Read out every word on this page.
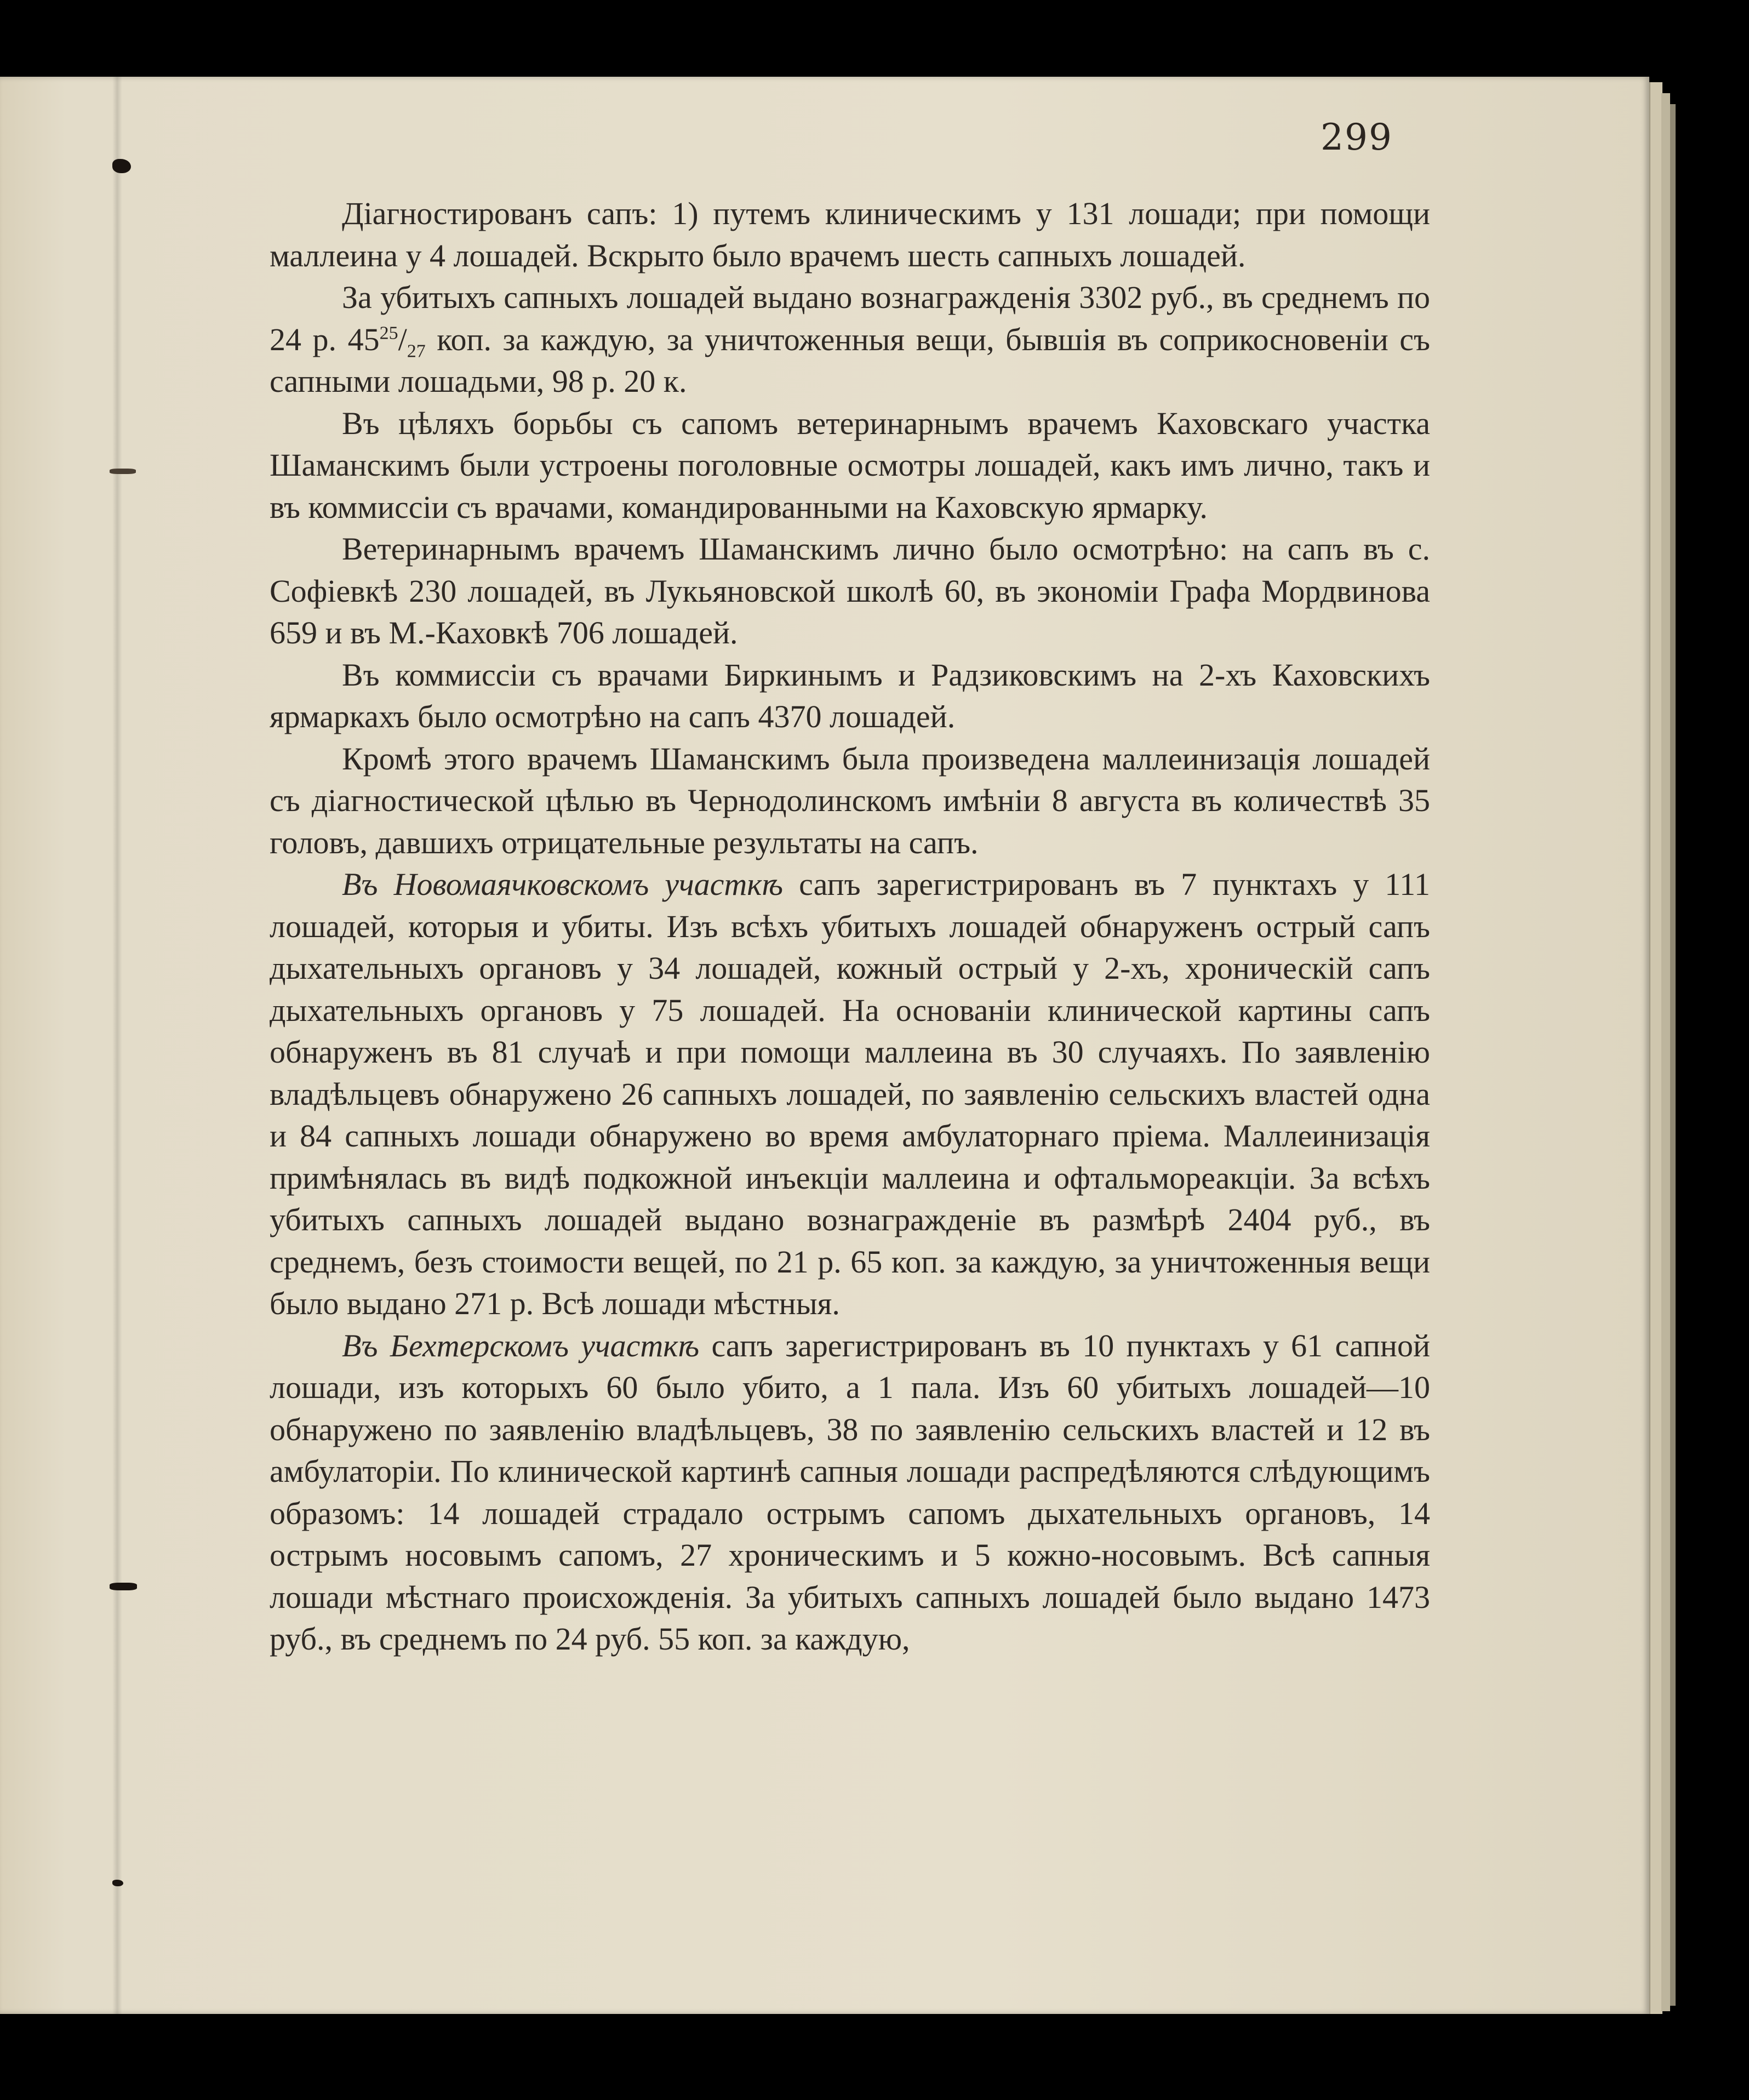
299

Діагностированъ сапъ: 1) путемъ клиническимъ у 131 лошади; при помощи маллеина у 4 лошадей. Вскрыто было врачемъ шесть сапныхъ лошадей.

За убитыхъ сапныхъ лошадей выдано вознагражденія 3302 руб., въ среднемъ по 24 р. $45^{25}/_{27}$ коп. за каждую, за уничтоженныя вещи, бывшія въ соприкосновеніи съ сапными лошадьми, 98 р. 20 к.

Въ цѣляхъ борьбы съ сапомъ ветеринарнымъ врачемъ Каховскаго участка Шаманскимъ были устроены поголовные осмотры лошадей, какъ имъ лично, такъ и въ коммиссіи съ врачами, командированными на Каховскую ярмарку.

Ветеринарнымъ врачемъ Шаманскимъ лично было осмотрѣно: на сапъ въ с. Софіевкѣ 230 лошадей, въ Лукьяновской школѣ 60, въ экономіи Графа Мордвинова 659 и въ М.-Каховкѣ 706 лошадей.

Въ коммиссіи съ врачами Биркинымъ и Радзиковскимъ на 2-хъ Каховскихъ ярмаркахъ было осмотрѣно на сапъ 4370 лошадей.

Кромѣ этого врачемъ Шаманскимъ была произведена маллеинизація лошадей съ діагностической цѣлью въ Чернодолинскомъ имѣніи 8 августа въ количествѣ 35 головъ, давшихъ отрицательные результаты на сапъ.

Въ Новомаячковскомъ участкѣ сапъ зарегистрированъ въ 7 пунктахъ у 111 лошадей, которыя и убиты. Изъ всѣхъ убитыхъ лошадей обнаруженъ острый сапъ дыхательныхъ органовъ у 34 лошадей, кожный острый у 2-хъ, хроническій сапъ дыхательныхъ органовъ у 75 лошадей. На основаніи клинической картины сапъ обнаруженъ въ 81 случаѣ и при помощи маллеина въ 30 случаяхъ. По заявленію владѣльцевъ обнаружено 26 сапныхъ лошадей, по заявленію сельскихъ властей одна и 84 сапныхъ лошади обнаружено во время амбулаторнаго пріема. Маллеинизація примѣнялась въ видѣ подкожной инъекціи маллеина и офтальмореакціи. За всѣхъ убитыхъ сапныхъ лошадей выдано вознагражденіе въ размѣрѣ 2404 руб., въ среднемъ, безъ стоимости вещей, по 21 р. 65 коп. за каждую, за уничтоженныя вещи было выдано 271 р. Всѣ лошади мѣстныя.

Въ Бехтерскомъ участкѣ сапъ зарегистрированъ въ 10 пунктахъ у 61 сапной лошади, изъ которыхъ 60 было убито, а 1 пала. Изъ 60 убитыхъ лошадей—10 обнаружено по заявленію владѣльцевъ, 38 по заявленію сельскихъ властей и 12 въ амбулаторіи. По клинической картинѣ сапныя лошади распредѣляются слѣдующимъ образомъ: 14 лошадей страдало острымъ сапомъ дыхательныхъ органовъ, 14 острымъ носовымъ сапомъ, 27 хроническимъ и 5 кожно-носовымъ. Всѣ сапныя лошади мѣстнаго происхожденія. За убитыхъ сапныхъ лошадей было выдано 1473 руб., въ среднемъ по 24 руб. 55 коп. за каждую,
